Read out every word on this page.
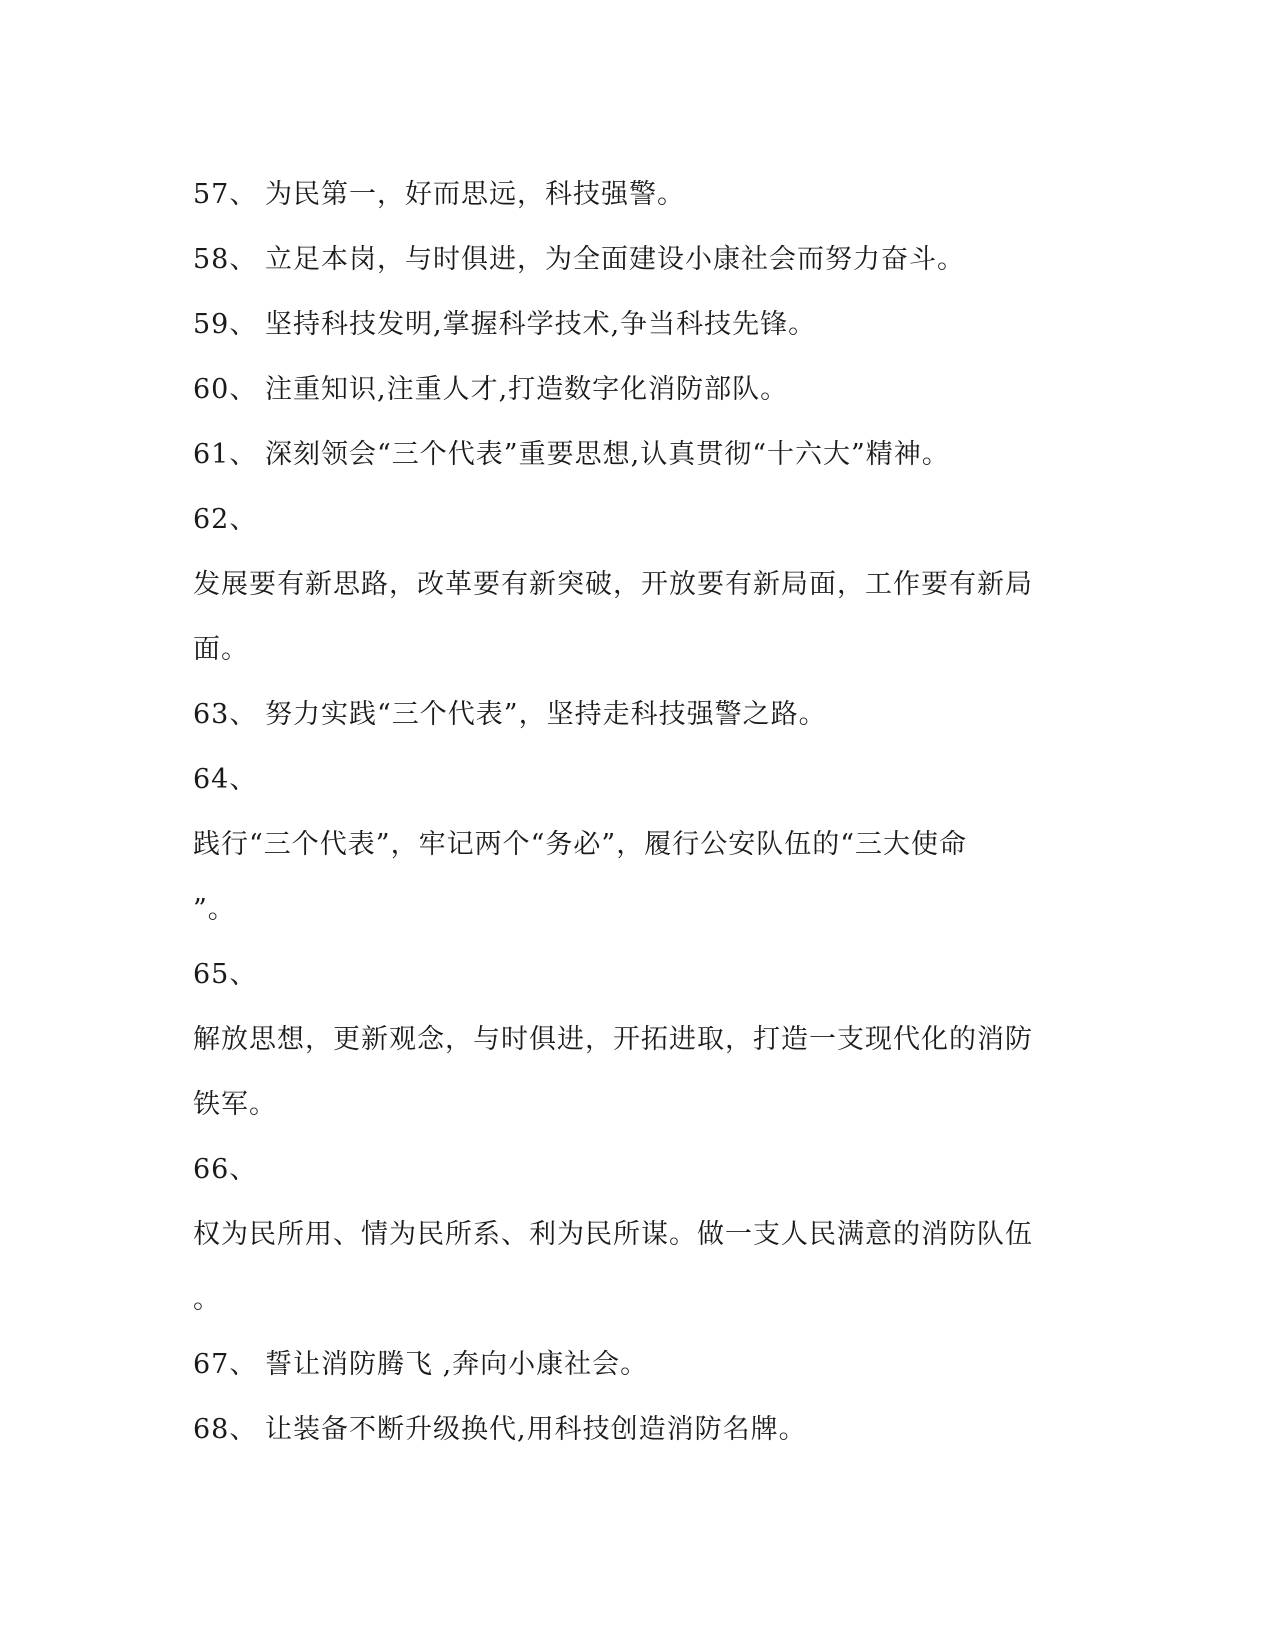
57、 为民第一，好而思远，科技强警。
58、 立足本岗，与时俱进，为全面建设小康社会而努力奋斗。
59、 坚持科技发明,掌握科学技术,争当科技先锋。
60、 注重知识,注重人才,打造数字化消防部队。
61、 深刻领会“三个代表”重要思想,认真贯彻“十六大”精神。
62、
发展要有新思路，改革要有新突破，开放要有新局面，工作要有新局
面。
63、 努力实践“三个代表”，坚持走科技强警之路。
64、
践行“三个代表”，牢记两个“务必”，履行公安队伍的“三大使命
”。
65、
解放思想，更新观念，与时俱进，开拓进取，打造一支现代化的消防
铁军。
66、
权为民所用、情为民所系、利为民所谋。做一支人民满意的消防队伍
。
67、 誓让消防腾飞 ,奔向小康社会。
68、 让装备不断升级换代,用科技创造消防名牌。
